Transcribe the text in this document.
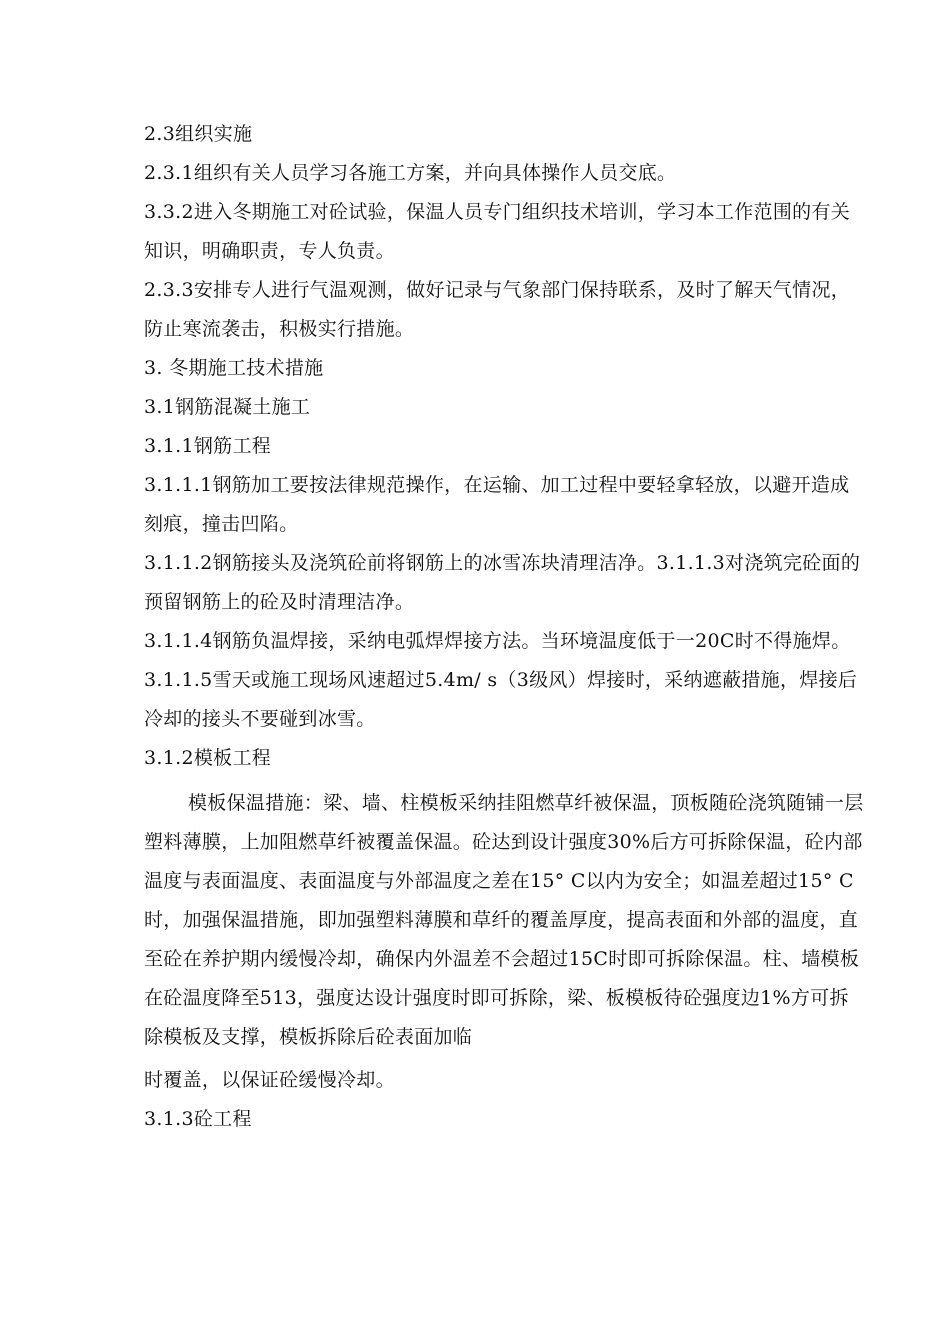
2.3组织实施

2.3.1组织有关人员学习各施工方案，并向具体操作人员交底。

3.3.2进入冬期施工对砼试验，保温人员专门组织技术培训，学习本工作范围的有关知识，明确职责，专人负责。

2.3.3安排专人进行气温观测，做好记录与气象部门保持联系，及时了解天气情况，防止寒流袭击，积极实行措施。

3. 冬期施工技术措施

3.1钢筋混凝土施工

3.1.1钢筋工程

3.1.1.1钢筋加工要按法律规范操作，在运输、加工过程中要轻拿轻放，以避开造成刻痕，撞击凹陷。

3.1.1.2钢筋接头及浇筑砼前将钢筋上的冰雪冻块清理洁净。3.1.1.3对浇筑完砼面的预留钢筋上的砼及时清理洁净。

3.1.1.4钢筋负温焊接，采纳电弧焊焊接方法。当环境温度低于一20C时不得施焊。

3.1.1.5雪天或施工现场风速超过5.4m/ s（3级风）焊接时，采纳遮蔽措施，焊接后冷却的接头不要碰到冰雪。

3.1.2模板工程

模板保温措施：梁、墙、柱模板采纳挂阻燃草纤被保温，顶板随砼浇筑随铺一层塑料薄膜，上加阻燃草纤被覆盖保温。砼达到设计强度30%后方可拆除保温，砼内部温度与表面温度、表面温度与外部温度之差在15° C以内为安全；如温差超过15° C时，加强保温措施，即加强塑料薄膜和草纤的覆盖厚度，提高表面和外部的温度，直至砼在养护期内缓慢冷却，确保内外温差不会超过15C时即可拆除保温。柱、墙模板在砼温度降至513，强度达设计强度时即可拆除，梁、板模板待砼强度边1%方可拆除模板及支撑，模板拆除后砼表面加临

时覆盖，以保证砼缓慢冷却。

3.1.3砼工程
